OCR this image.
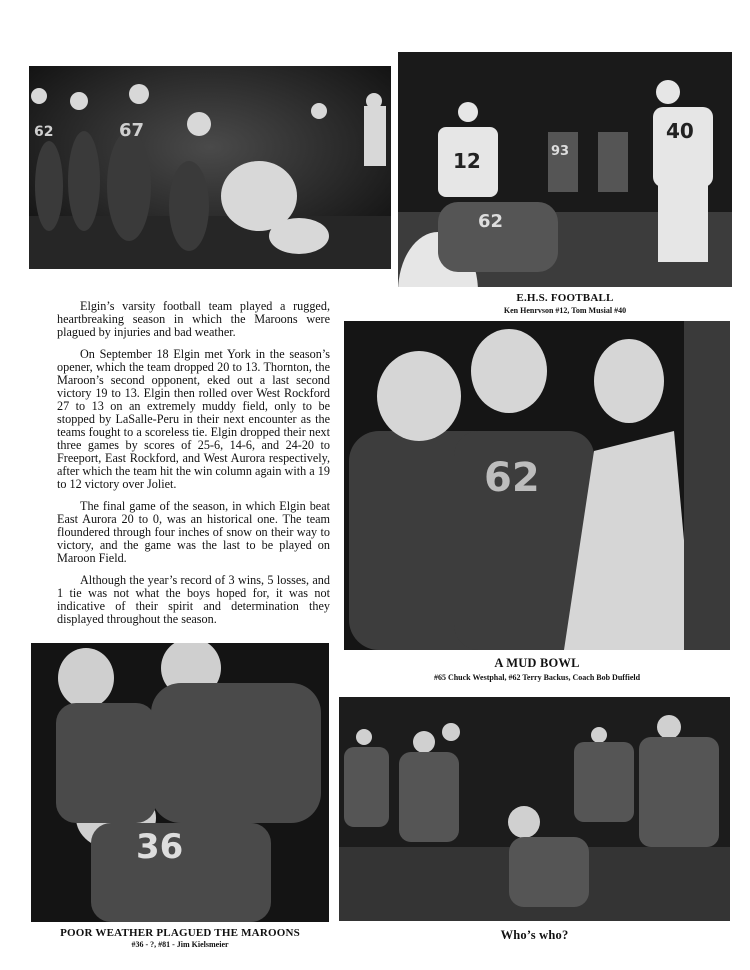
67
62
12
40
93
62
E.H.S. FOOTBALL
Ken Henrvson #12, Tom Musial #40

Elgin’s varsity football team played a rugged, heartbreaking season in which the Maroons were plagued by injuries and bad weather.

On September 18 Elgin met York in the season’s opener, which the team dropped 20 to 13. Thornton, the Maroon’s second opponent, eked out a last second victory 19 to 13. Elgin then rolled over West Rockford 27 to 13 on an extremely muddy field, only to be stopped by LaSalle-Peru in their next encounter as the teams fought to a scoreless tie. Elgin dropped their next three games by scores of 25-6, 14-6, and 24-20 to Freeport, East Rockford, and West Aurora respectively, after which the team hit the win column again with a 19 to 12 victory over Joliet.

The final game of the season, in which Elgin beat East Aurora 20 to 0, was an historical one. The team floundered through four inches of snow on their way to victory, and the game was the last to be played on Maroon Field.

Although the year’s record of 3 wins, 5 losses, and 1 tie was not what the boys hoped for, it was not indicative of their spirit and determination they displayed throughout the season.

62
A MUD BOWL
#65 Chuck Westphal, #62 Terry Backus, Coach Bob Duffield
36
POOR WEATHER PLAGUED THE MAROONS
#36 - ?, #81 - Jim Kielsmeier
Who’s who?
